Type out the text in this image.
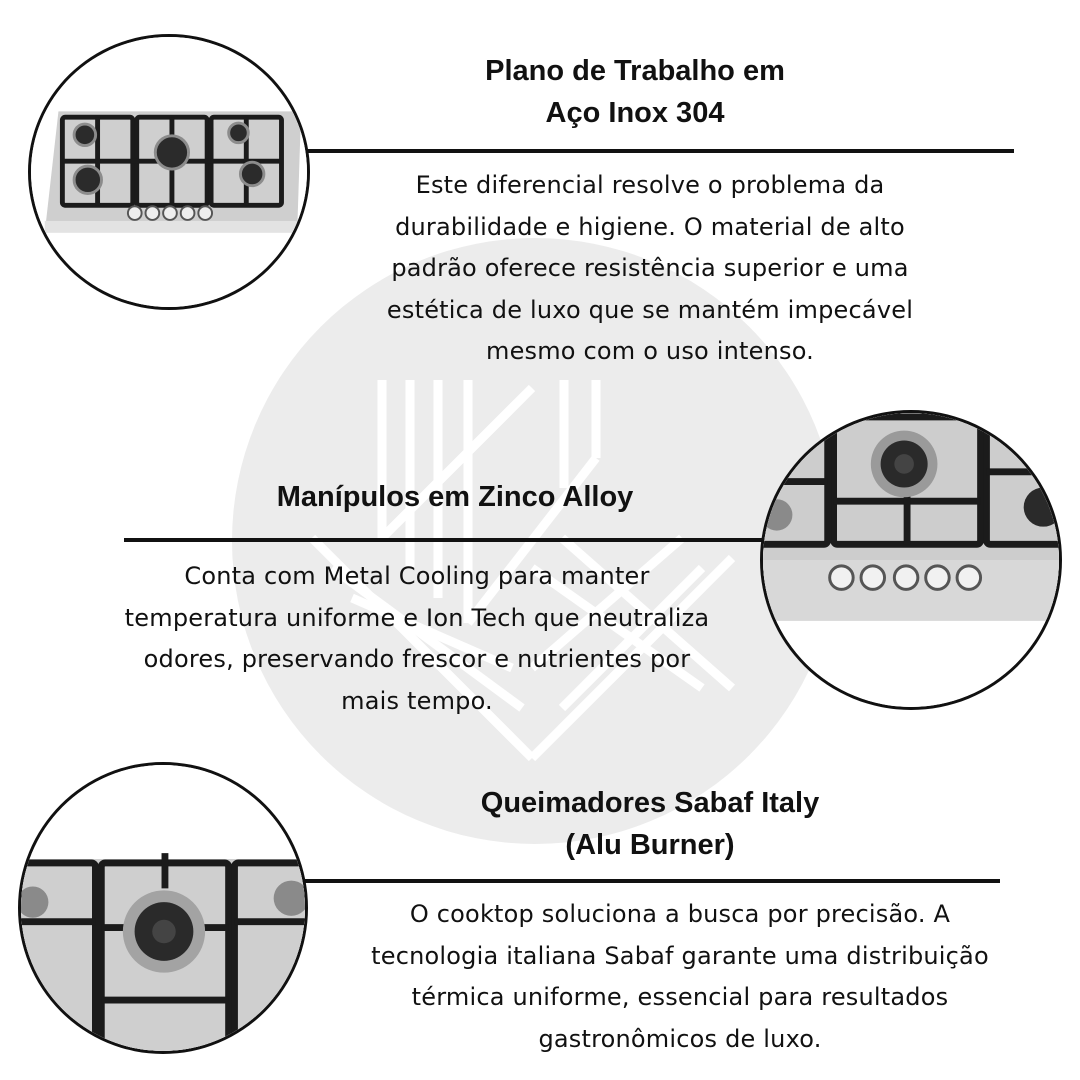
Plano de Trabalho em
Aço Inox 304

Este diferencial resolve o problema da
durabilidade e higiene. O material de alto
padrão oferece resistência superior e uma
estética de luxo que se mantém impecável
mesmo com o uso intenso.

Manípulos em Zinco Alloy

Conta com Metal Cooling para manter
temperatura uniforme e Ion Tech que neutraliza
odores, preservando frescor e nutrientes por
mais tempo.

Queimadores Sabaf Italy
(Alu Burner)

O cooktop soluciona a busca por precisão. A
tecnologia italiana Sabaf garante uma distribuição
térmica uniforme, essencial para resultados
gastronômicos de luxo.
